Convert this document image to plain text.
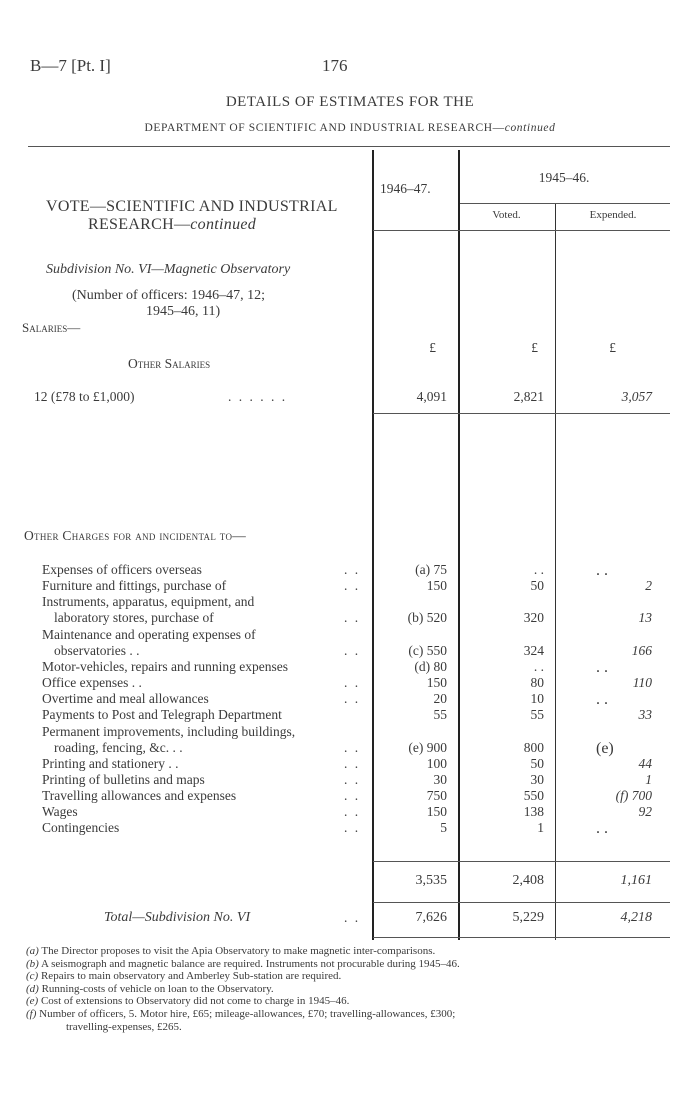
B—7 [Pt. I]	176
DETAILS OF ESTIMATES FOR THE
DEPARTMENT OF SCIENTIFIC AND INDUSTRIAL RESEARCH—continued
1946–47.
1945–46.
Voted.	Expended.
VOTE—SCIENTIFIC AND INDUSTRIAL
RESEARCH—continued
Subdivision No. VI—Magnetic Observatory
(Number of officers: 1946–47, 12;
1945–46, 11)
Salaries—
Other Salaries
£	£	£
12 (£78 to £1,000)	. . . . . .	4,091	2,821	3,057
Other Charges for and incidental to—
Expenses of officers overseas	. .	(a) 75	. .	. .
Furniture and fittings, purchase of	. .	150	50	2
Instruments, apparatus, equipment, and
laboratory stores, purchase of	. .	(b) 520	320	13
Maintenance and operating expenses of
observatories . .	. .	(c) 550	324	166
Motor-vehicles, repairs and running expenses	(d) 80	. .	. .
Office expenses . .	. .	150	80	110
Overtime and meal allowances	. .	20	10	. .
Payments to Post and Telegraph Department	55	55	33
Permanent improvements, including buildings,
roading, fencing, &c. . .	. .	(e) 900	800	(e)
Printing and stationery . .	. .	100	50	44
Printing of bulletins and maps	. .	30	30	1
Travelling allowances and expenses	. .	750	550	(f) 700
Wages	. .	150	138	92
Contingencies	. .	5	1	. .
3,535	2,408	1,161
Total—Subdivision No. VI	. .	7,626	5,229	4,218
(a) The Director proposes to visit the Apia Observatory to make magnetic inter-comparisons.
(b) A seismograph and magnetic balance are required. Instruments not procurable during 1945–46.
(c) Repairs to main observatory and Amberley Sub-station are required.
(d) Running-costs of vehicle on loan to the Observatory.
(e) Cost of extensions to Observatory did not come to charge in 1945–46.
(f) Number of officers, 5. Motor hire, £65; mileage-allowances, £70; travelling-allowances, £300;
travelling-expenses, £265.
